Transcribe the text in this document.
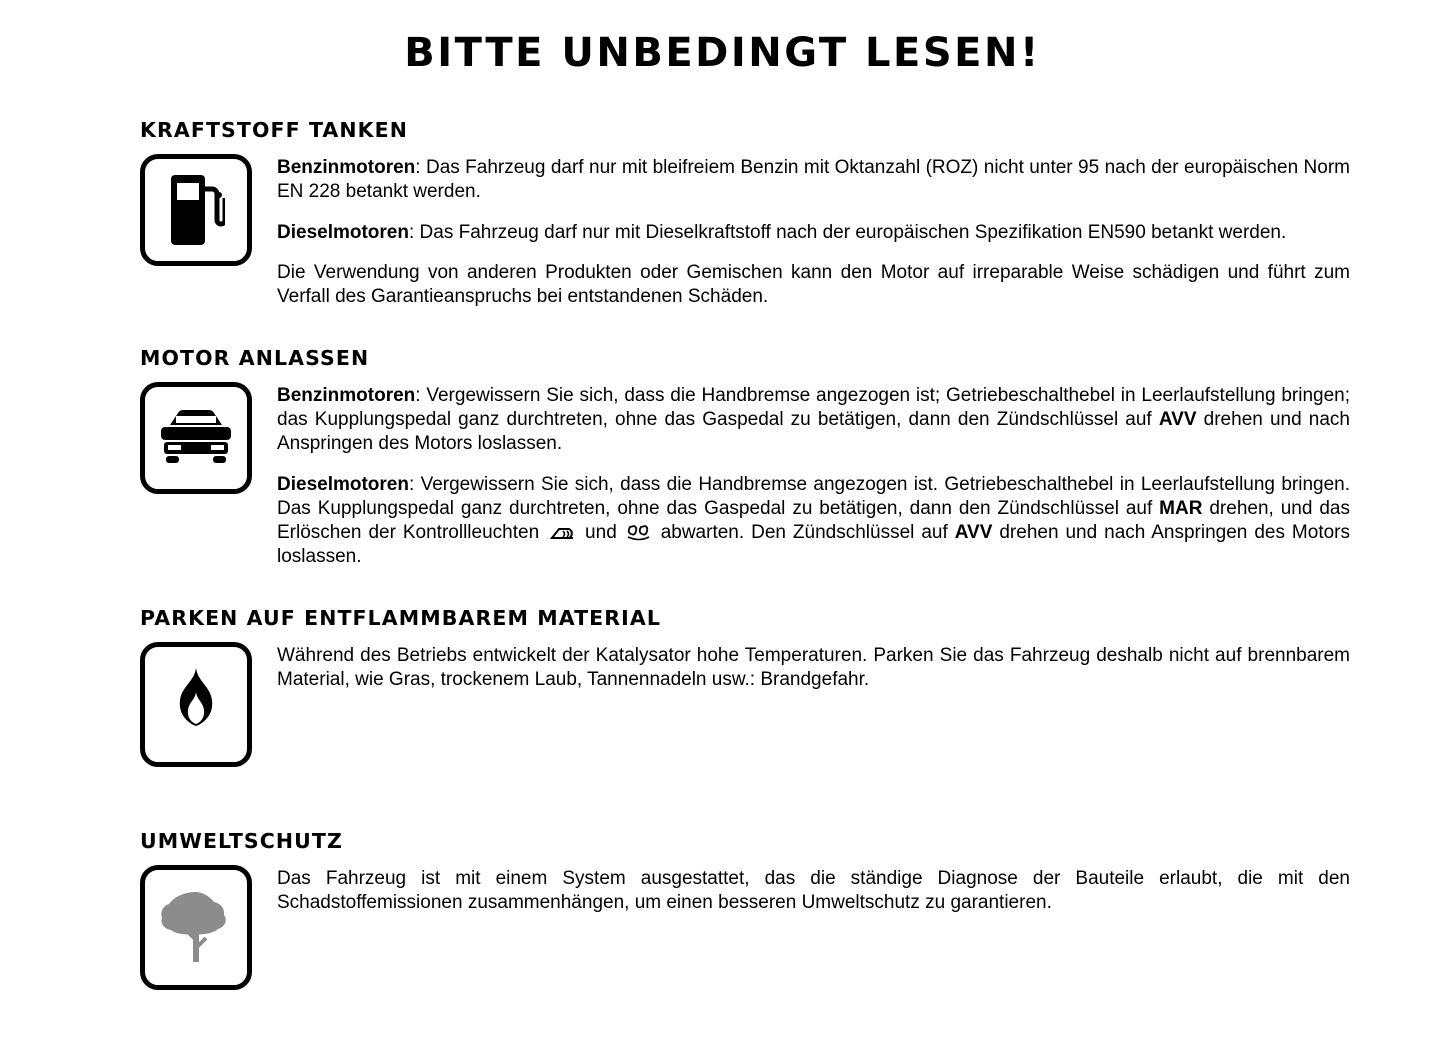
BITTE UNBEDINGT LESEN!
KRAFTSTOFF TANKEN

Benzinmotoren: Das Fahrzeug darf nur mit bleifreiem Benzin mit Oktanzahl (ROZ) nicht unter 95 nach der europäischen Norm EN 228 betankt werden.

Dieselmotoren: Das Fahrzeug darf nur mit Dieselkraftstoff nach der europäischen Spezifikation EN590 betankt werden.

Die Verwendung von anderen Produkten oder Gemischen kann den Motor auf irreparable Weise schädigen und führt zum Verfall des Garantieanspruchs bei entstandenen Schäden.

MOTOR ANLASSEN

Benzinmotoren: Vergewissern Sie sich, dass die Handbremse angezogen ist; Getriebeschalthebel in Leerlaufstellung bringen; das Kupplungspedal ganz durchtreten, ohne das Gaspedal zu betätigen, dann den Zündschlüssel auf AVV drehen und nach Anspringen des Motors loslassen.

Dieselmotoren: Vergewissern Sie sich, dass die Handbremse angezogen ist. Getriebeschalthebel in Leerlaufstellung bringen. Das Kupplungspedal ganz durchtreten, ohne das Gaspedal zu betätigen, dann den Zündschlüssel auf MAR drehen, und das Erlöschen der Kontrollleuchten
und
abwarten. Den Zündschlüssel auf AVV drehen und nach Anspringen des Motors loslassen.

PARKEN AUF ENTFLAMMBAREM MATERIAL

Während des Betriebs entwickelt der Katalysator hohe Temperaturen. Parken Sie das Fahrzeug deshalb nicht auf brennbarem Material, wie Gras, trockenem Laub, Tannennadeln usw.: Brandgefahr.

UMWELTSCHUTZ

Das Fahrzeug ist mit einem System ausgestattet, das die ständige Diagnose der Bauteile erlaubt, die mit den Schadstoffemissionen zusammenhängen, um einen besseren Umweltschutz zu garantieren.
